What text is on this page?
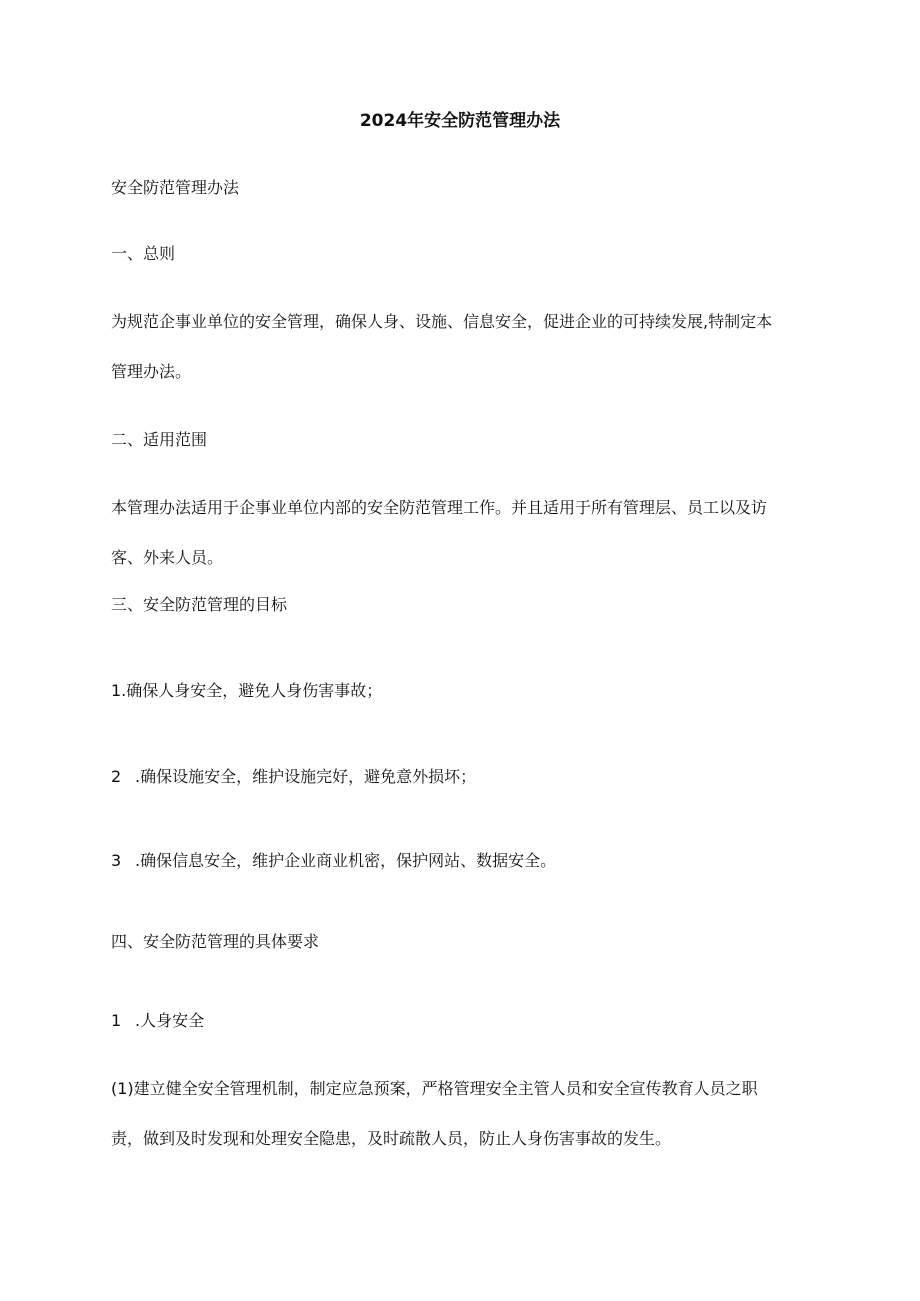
2024年安全防范管理办法
安全防范管理办法
一、总则
为规范企事业单位的安全管理，确保人身、设施、信息安全，促进企业的可持续发展,特制定本
管理办法。
二、适用范围
本管理办法适用于企事业单位内部的安全防范管理工作。并且适用于所有管理层、员工以及访
客、外来人员。
三、安全防范管理的目标
1.确保人身安全，避免人身伤害事故；
2 .确保设施安全，维护设施完好，避免意外损坏；
3 .确保信息安全，维护企业商业机密，保护网站、数据安全。
四、安全防范管理的具体要求
1 .人身安全
(1)建立健全安全管理机制，制定应急预案，严格管理安全主管人员和安全宣传教育人员之职
责，做到及时发现和处理安全隐患，及时疏散人员，防止人身伤害事故的发生。
